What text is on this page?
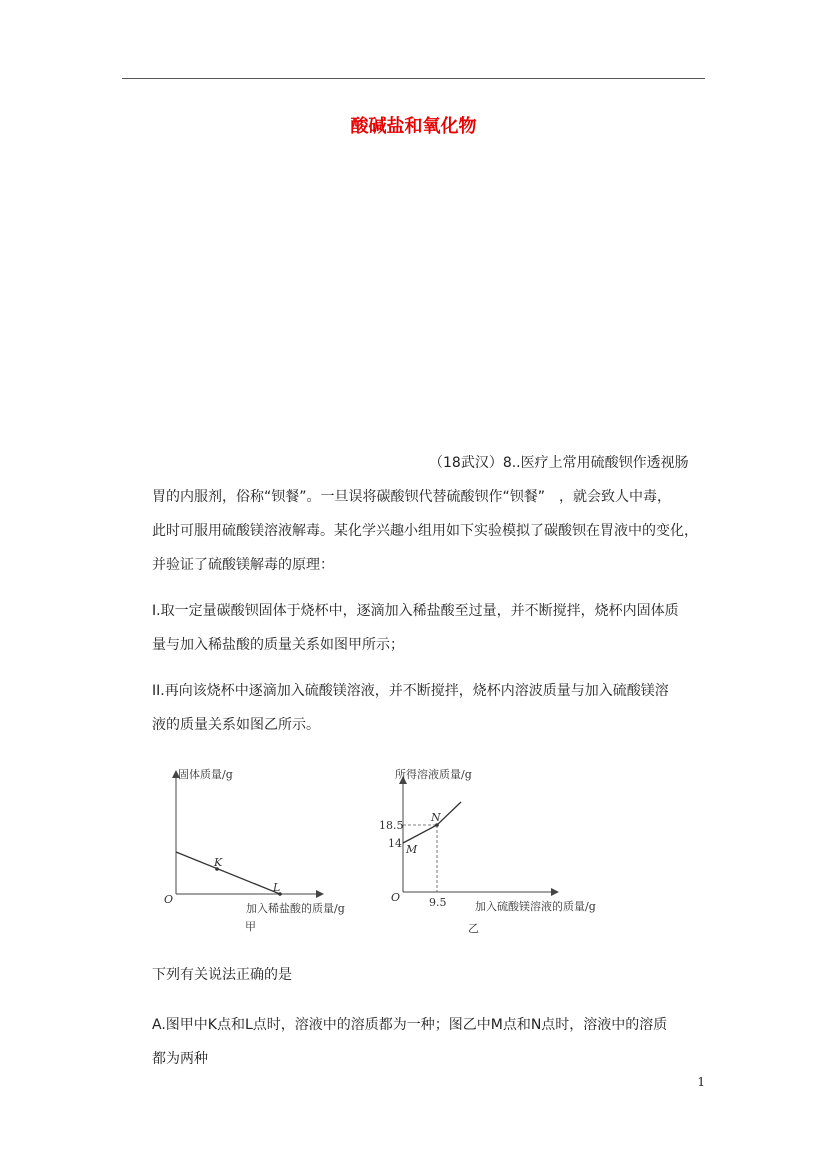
酸碱盐和氧化物
（18武汉）8..医疗上常用硫酸钡作透视肠
胃的内服剂，俗称“钡餐”。一旦误将碳酸钡代替硫酸钡作“钡餐”　，就会致人中毒，
此时可服用硫酸镁溶液解毒。某化学兴趣小组用如下实验模拟了碳酸钡在胃液中的变化，
并验证了硫酸镁解毒的原理：
I.取一定量碳酸钡固体于烧杯中，逐滴加入稀盐酸至过量，并不断搅拌，烧杯内固体质
量与加入稀盐酸的质量关系如图甲所示；
II.再向该烧杯中逐滴加入硫酸镁溶液，并不断搅拌，烧杯内溶波质量与加入硫酸镁溶
液的质量关系如图乙所示。
固体质量/g
O
K
L
加入稀盐酸的质量/g
甲
所得溶液质量/g
18.5
14 M
N
O	9.5	加入硫酸镁溶液的质量/g
乙
下列有关说法正确的是
A.图甲中K点和L点时，溶液中的溶质都为一种；图乙中M点和N点时，溶液中的溶质
都为两种
1
